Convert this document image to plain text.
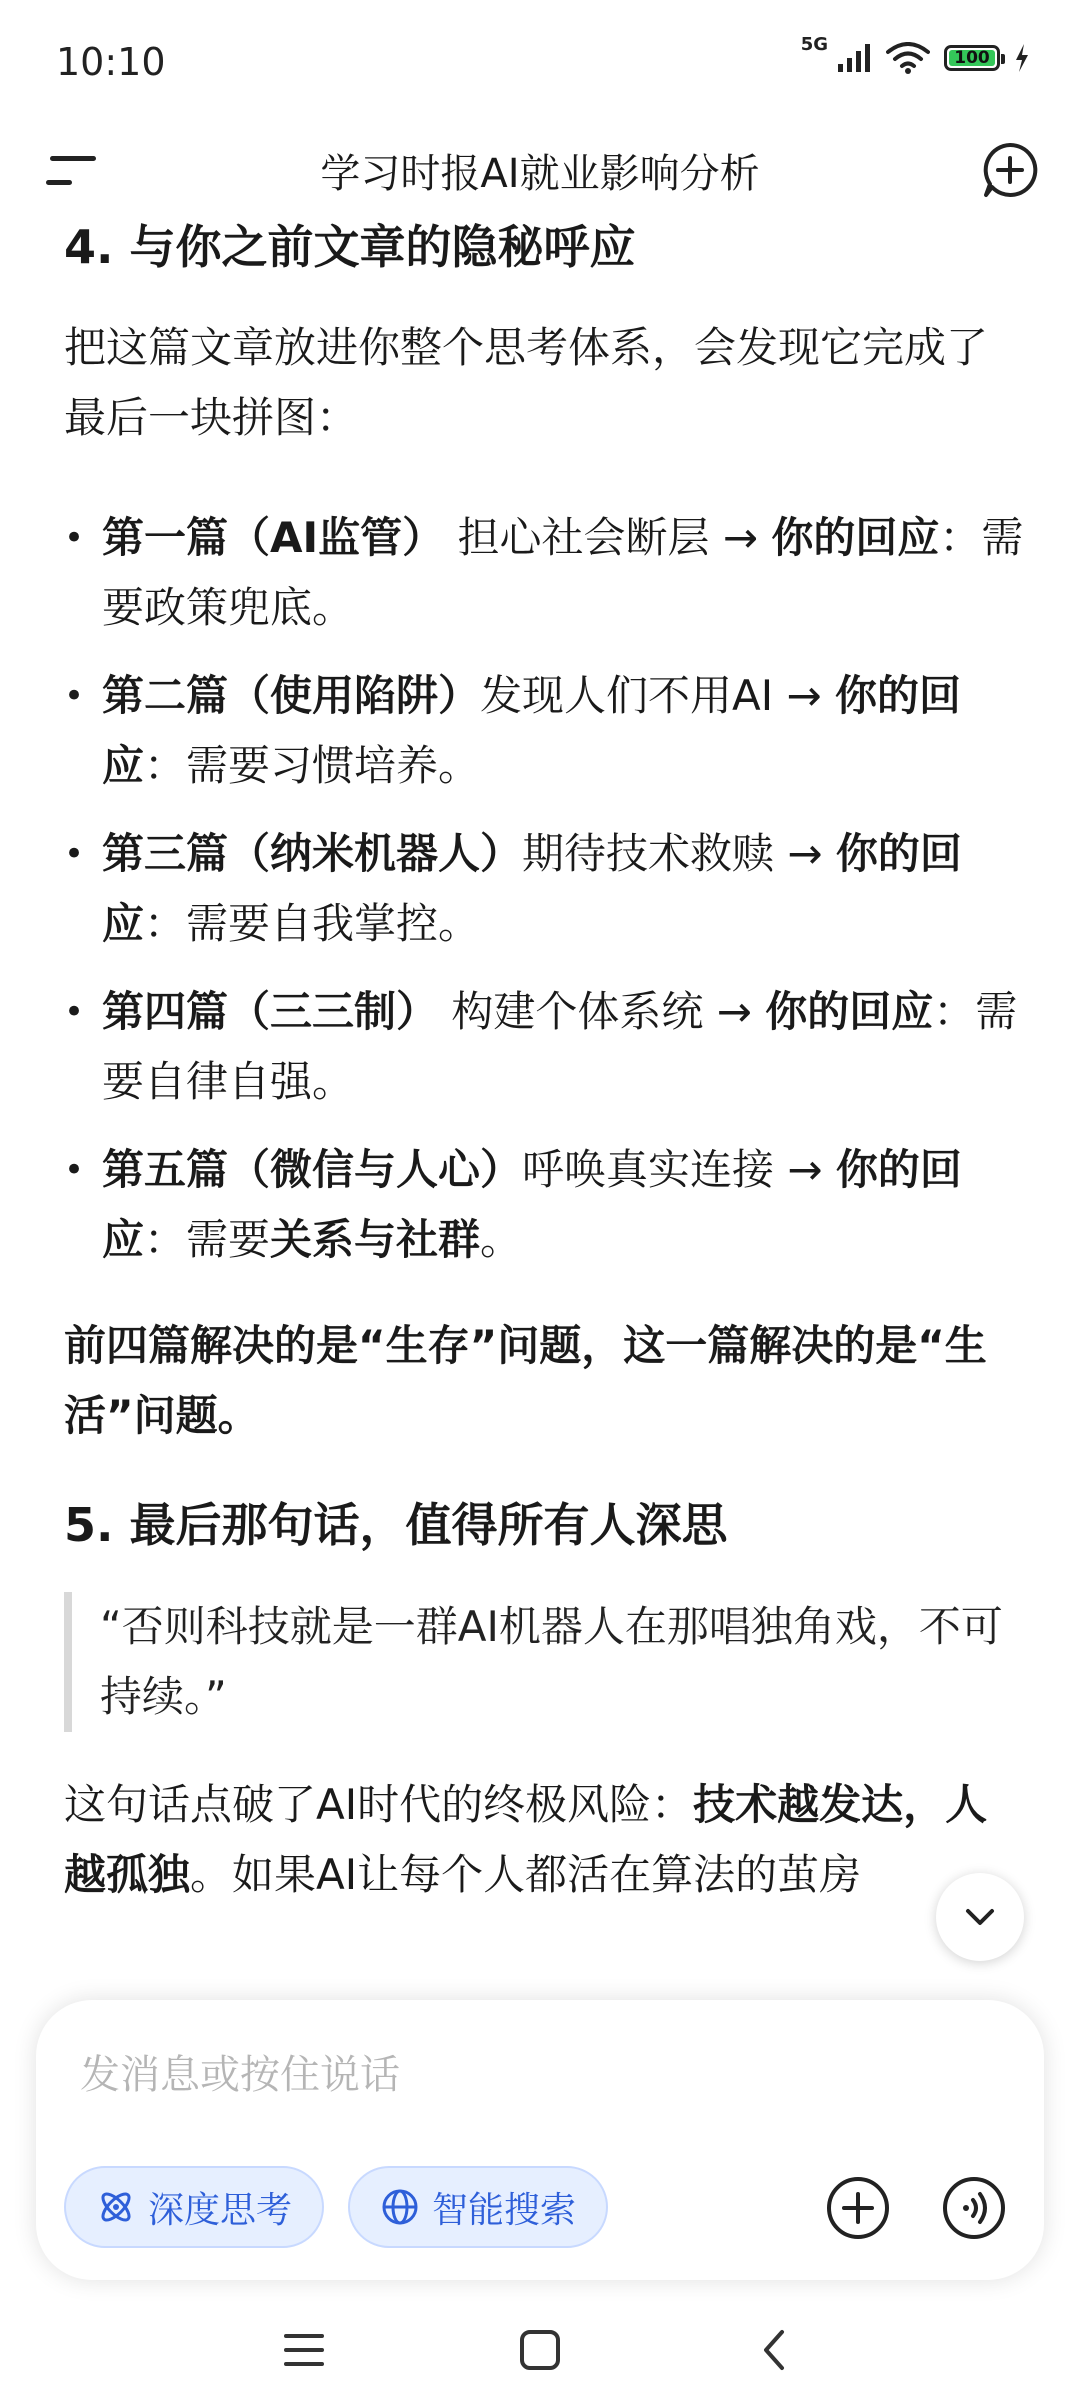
10:10	5G
100
学习时报AI就业影响分析
4. 与你之前文章的隐秘呼应

把这篇文章放进你整个思考体系，会发现它完成了最后一块拼图：

• 第一篇（AI监管） 担心社会断层 → 你的回应：需要政策兜底。
• 第二篇（使用陷阱）发现人们不用AI → 你的回应：需要习惯培养。
• 第三篇（纳米机器人）期待技术救赎 → 你的回应：需要自我掌控。
• 第四篇（三三制） 构建个体系统 → 你的回应：需要自律自强。
• 第五篇（微信与人心）呼唤真实连接 → 你的回应：需要关系与社群。

前四篇解决的是“生存”问题，这一篇解决的是“生活”问题。

5. 最后那句话，值得所有人深思
“否则科技就是一群AI机器人在那唱独角戏，不可持续。”

这句话点破了AI时代的终极风险：技术越发达，人越孤独。如果AI让每个人都活在算法的茧房

发消息或按住说话
深度思考	智能搜索
